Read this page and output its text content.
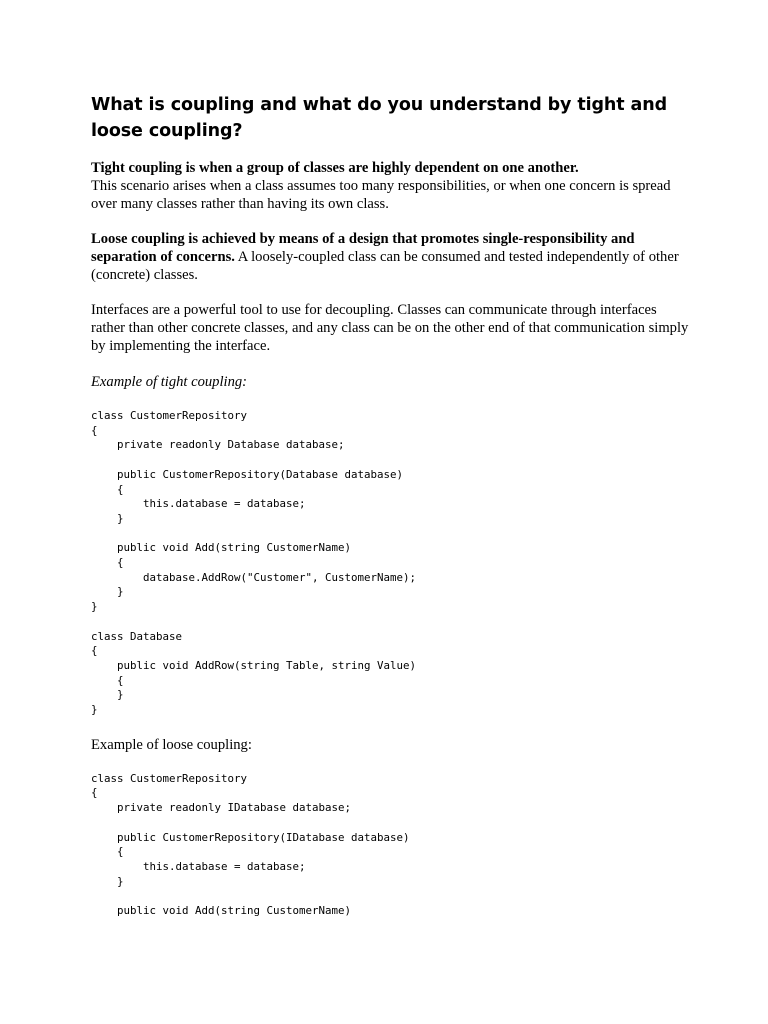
What is coupling and what do you understand by tight and loose coupling?

Tight coupling is when a group of classes are highly dependent on one another.
This scenario arises when a class assumes too many responsibilities, or when one concern is spread over many classes rather than having its own class.

Loose coupling is achieved by means of a design that promotes single-responsibility and separation of concerns. A loosely-coupled class can be consumed and tested independently of other (concrete) classes.

Interfaces are a powerful tool to use for decoupling. Classes can communicate through interfaces rather than other concrete classes, and any class can be on the other end of that communication simply by implementing the interface.

Example of tight coupling:

class CustomerRepository
{
private readonly Database database;

public CustomerRepository(Database database)
{
this.database = database;
}

public void Add(string CustomerName)
{
database.AddRow("Customer", CustomerName);
}
}

class Database
{
public void AddRow(string Table, string Value)
{
}
}

Example of loose coupling:

class CustomerRepository
{
private readonly IDatabase database;

public CustomerRepository(IDatabase database)
{
this.database = database;
}

public void Add(string CustomerName)
